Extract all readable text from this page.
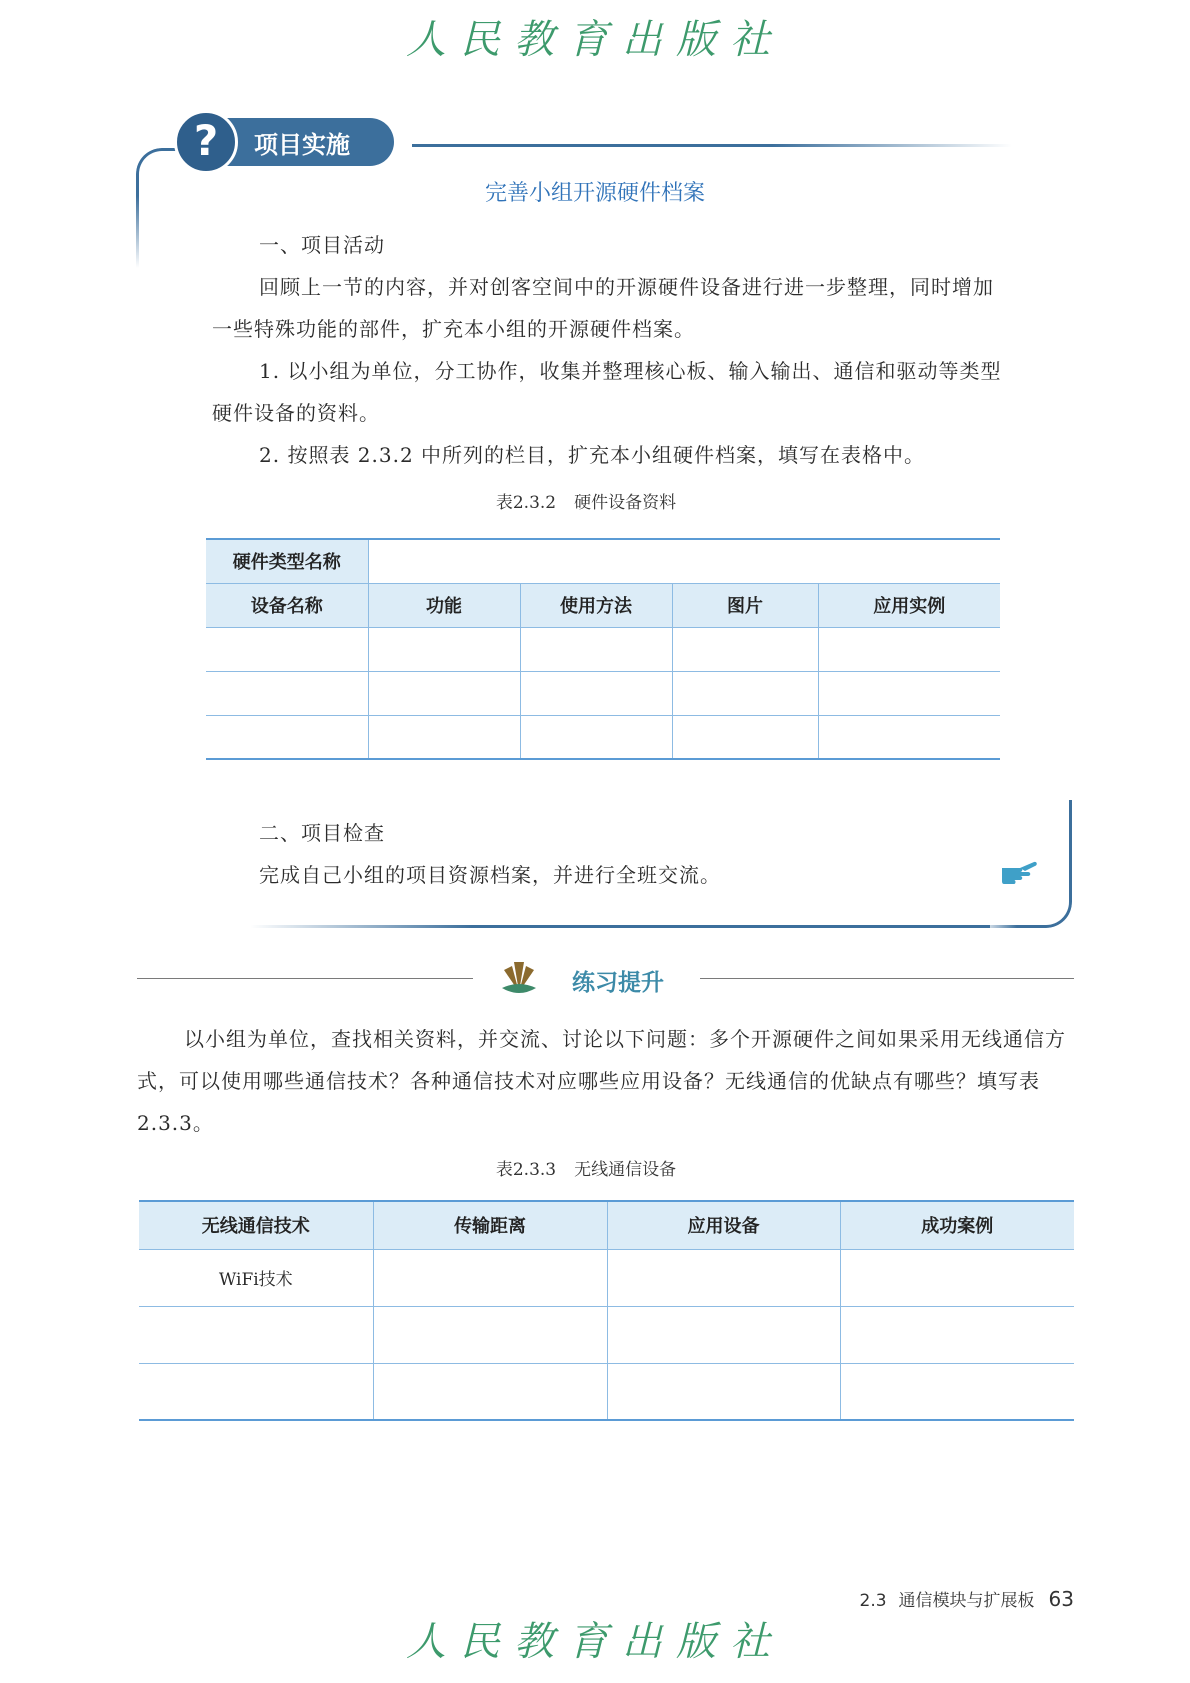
人民教育出版社
?	项目实施
完善小组开源硬件档案
一、项目活动
回顾上一节的内容，并对创客空间中的开源硬件设备进行进一步整理，同时增加一些特殊功能的部件，扩充本小组的开源硬件档案。
1. 以小组为单位，分工协作，收集并整理核心板、输入输出、通信和驱动等类型硬件设备的资料。
2. 按照表 2.3.2 中所列的栏目，扩充本小组硬件档案，填写在表格中。
表2.3.2 硬件设备资料
硬件类型名称				
设备名称	功能	使用方法	图片	应用实例

二、项目检查
完成自己小组的项目资源档案，并进行全班交流。
练习提升
以小组为单位，查找相关资料，并交流、讨论以下问题：多个开源硬件之间如果采用无线通信方式，可以使用哪些通信技术？各种通信技术对应哪些应用设备？无线通信的优缺点有哪些？填写表 2.3.3。
表2.3.3 无线通信设备
无线通信技术	传输距离	应用设备	成功案例
WiFi技术			

2.3 通信模块与扩展板 63
人民教育出版社
